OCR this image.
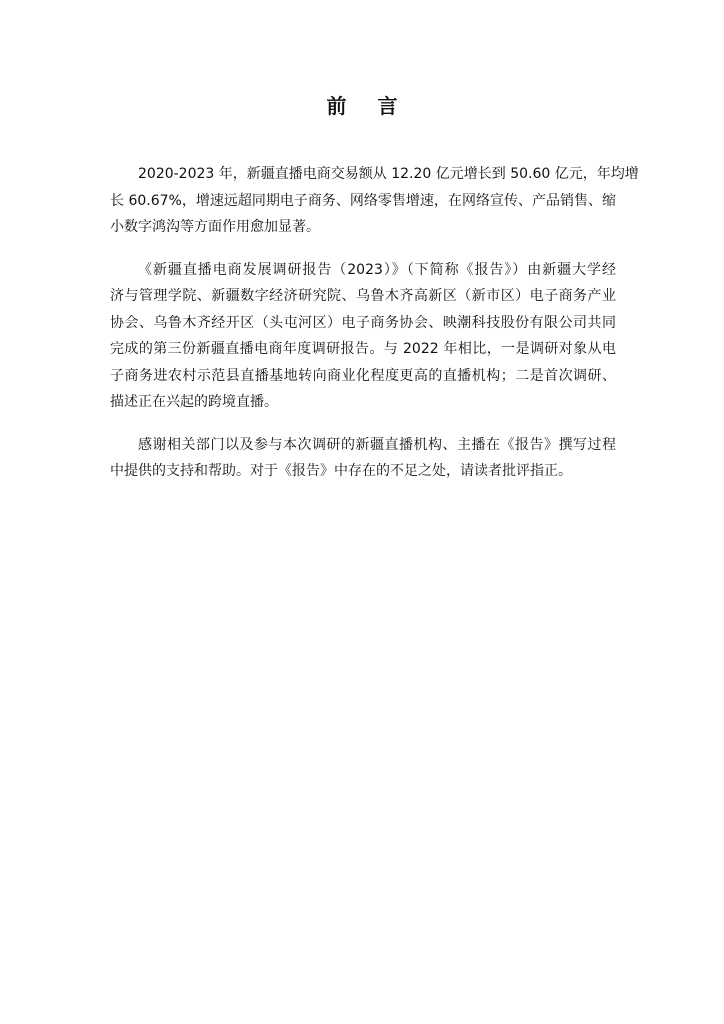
前 言

2020-2023 年，新疆直播电商交易额从 12.20 亿元增长到 50.60 亿元，年均增
长 60.67%，增速远超同期电子商务、网络零售增速，在网络宣传、产品销售、缩
小数字鸿沟等方面作用愈加显著。

《新疆直播电商发展调研报告（2023）》（下简称《报告》）由新疆大学经
济与管理学院、新疆数字经济研究院、乌鲁木齐高新区（新市区）电子商务产业
协会、乌鲁木齐经开区（头屯河区）电子商务协会、映潮科技股份有限公司共同
完成的第三份新疆直播电商年度调研报告。与 2022 年相比，一是调研对象从电
子商务进农村示范县直播基地转向商业化程度更高的直播机构；二是首次调研、
描述正在兴起的跨境直播。

感谢相关部门以及参与本次调研的新疆直播机构、主播在《报告》撰写过程
中提供的支持和帮助。对于《报告》中存在的不足之处，请读者批评指正。
